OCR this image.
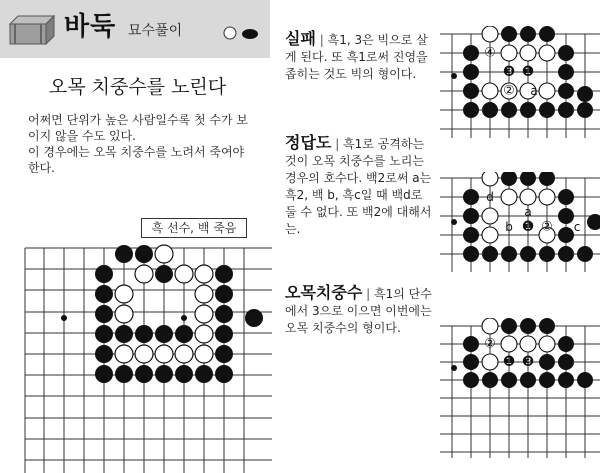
바둑 묘수풀이
오목 치중수를 노린다

어쩌면 단위가 높은 사람일수록 첫 수가 보이지 않을 수도 있다.

이 경우에는 오목 치중수를 노려서 죽여야 한다.

흑 선수, 백 죽음
실패 | 흑1, 3은 빅으로 살게 된다. 또 흑1로써 진영을 좁히는 것도 빅의 형이다.
④
❸ ❶
② a
정답도 | 흑1로 공격하는 것이 오목 치중수를 노리는 경우의 호수다. 백2로써 a는 흑2, 백 b, 흑c일 때 백d로 둘 수 없다. 또 백2에 대해서는.
d
a
b ❶ ② c
오목치중수 | 흑1의 단수에서 3으로 이으면 이번에는 오목 치중수의 형이다.
②
❶ ❸
